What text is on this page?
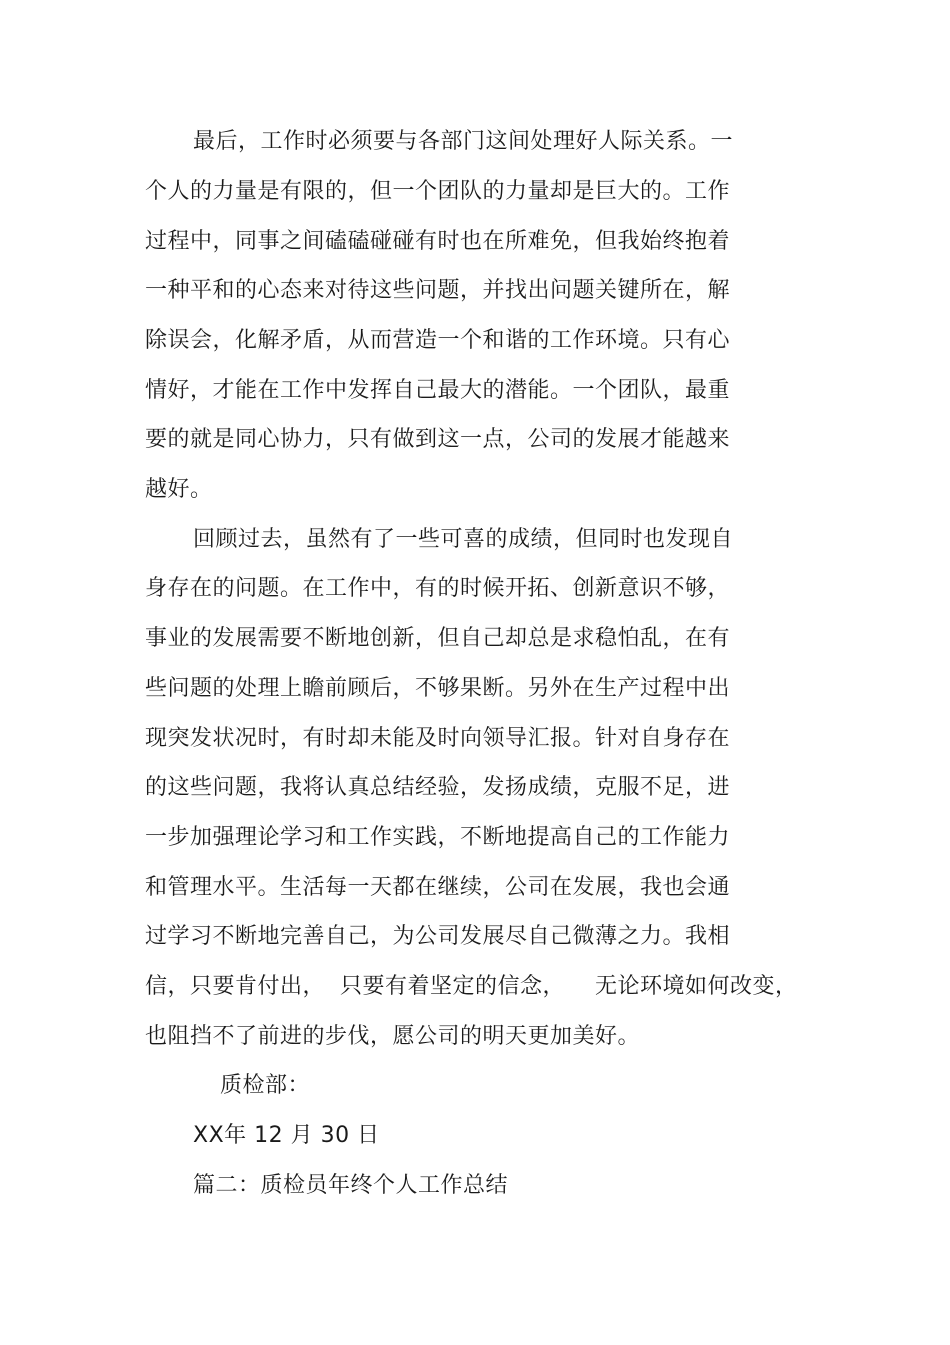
最后，工作时必须要与各部门这间处理好人际关系。一
个人的力量是有限的，但一个团队的力量却是巨大的。工作
过程中，同事之间磕磕碰碰有时也在所难免，但我始终抱着
一种平和的心态来对待这些问题，并找出问题关键所在，解
除误会，化解矛盾，从而营造一个和谐的工作环境。只有心
情好，才能在工作中发挥自己最大的潜能。一个团队，最重
要的就是同心协力，只有做到这一点，公司的发展才能越来
越好。
回顾过去，虽然有了一些可喜的成绩，但同时也发现自
身存在的问题。在工作中，有的时候开拓、创新意识不够，
事业的发展需要不断地创新，但自己却总是求稳怕乱，在有
些问题的处理上瞻前顾后，不够果断。另外在生产过程中出
现突发状况时，有时却未能及时向领导汇报。针对自身存在
的这些问题，我将认真总结经验，发扬成绩，克服不足，进
一步加强理论学习和工作实践，不断地提高自己的工作能力
和管理水平。生活每一天都在继续，公司在发展，我也会通
过学习不断地完善自己，为公司发展尽自己微薄之力。我相
信，只要肯付出，  只要有着坚定的信念，    无论环境如何改变，
也阻挡不了前进的步伐，愿公司的明天更加美好。
质检部：
XX年 12 月 30 日
篇二：质检员年终个人工作总结
